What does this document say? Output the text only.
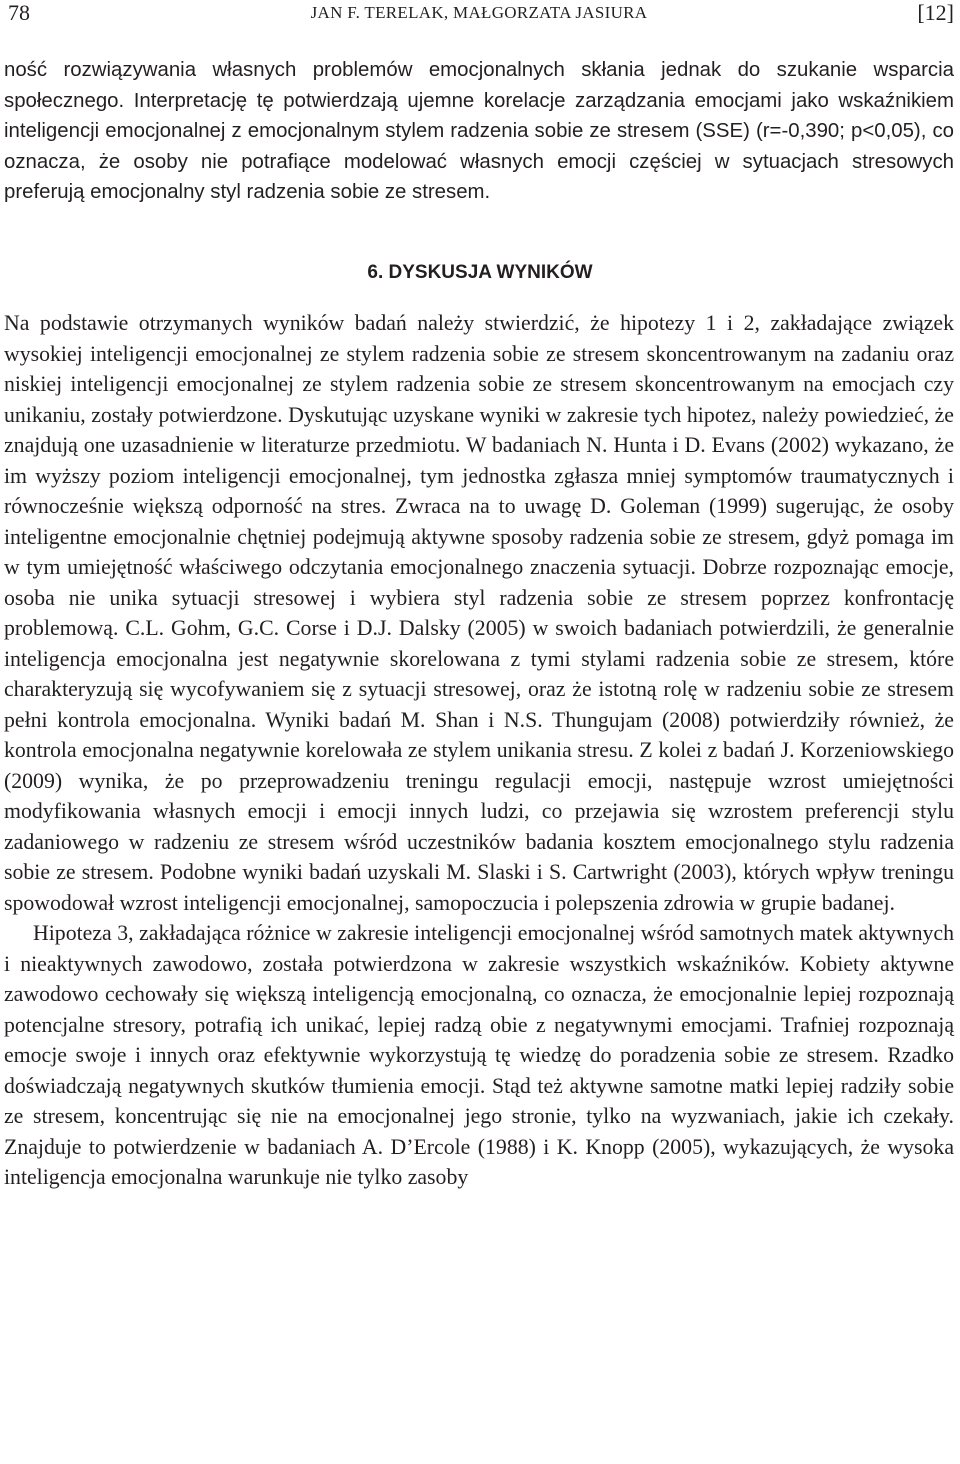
78	JAN F. TERELAK, MAŁGORZATA JASIURA	[12]

ność rozwiązywania własnych problemów emocjonalnych skłania jednak do szukanie wsparcia społecznego. Interpretację tę potwierdzają ujemne korelacje zarządzania emocjami jako wskaźnikiem inteligencji emocjonalnej z emocjonalnym stylem radzenia sobie ze stresem (SSE) (r=-0,390; p<0,05), co oznacza, że osoby nie potrafiące modelować własnych emocji częściej w sytuacjach stresowych preferują emocjonalny styl radzenia sobie ze stresem.

6. DYSKUSJA WYNIKÓW

Na podstawie otrzymanych wyników badań należy stwierdzić, że hipotezy 1 i 2, zakładające związek wysokiej inteligencji emocjonalnej ze stylem radzenia sobie ze stresem skoncentrowanym na zadaniu oraz niskiej inteligencji emocjonalnej ze stylem radzenia sobie ze stresem skoncentrowanym na emocjach czy unikaniu, zostały potwierdzone. Dyskutując uzyskane wyniki w zakresie tych hipotez, należy powiedzieć, że znajdują one uzasadnienie w literaturze przedmiotu. W badaniach N. Hunta i D. Evans (2002) wykazano, że im wyższy poziom inteligencji emocjonalnej, tym jednostka zgłasza mniej symptomów traumatycznych i równocześnie większą odporność na stres. Zwraca na to uwagę D. Goleman (1999) sugerując, że osoby inteligentne emocjonalnie chętniej podejmują aktywne sposoby radzenia sobie ze stresem, gdyż pomaga im w tym umiejętność właściwego odczytania emocjonalnego znaczenia sytuacji. Dobrze rozpoznając emocje, osoba nie unika sytuacji stresowej i wybiera styl radzenia sobie ze stresem poprzez konfrontację problemową. C.L. Gohm, G.C. Corse i D.J. Dalsky (2005) w swoich badaniach potwierdzili, że generalnie inteligencja emocjonalna jest negatywnie skorelowana z tymi stylami radzenia sobie ze stresem, które charakteryzują się wycofywaniem się z sytuacji stresowej, oraz że istotną rolę w radzeniu sobie ze stresem pełni kontrola emocjonalna. Wyniki badań M. Shan i N.S. Thungujam (2008) potwierdziły również, że kontrola emocjonalna negatywnie korelowała ze stylem unikania stresu. Z kolei z badań J. Korzeniowskiego (2009) wynika, że po przeprowadzeniu treningu regulacji emocji, następuje wzrost umiejętności modyfikowania własnych emocji i emocji innych ludzi, co przejawia się wzrostem preferencji stylu zadaniowego w radzeniu ze stresem wśród uczestników badania kosztem emocjonalnego stylu radzenia sobie ze stresem. Podobne wyniki badań uzyskali M. Slaski i S. Cartwright (2003), których wpływ treningu spowodował wzrost inteligencji emocjonalnej, samopoczucia i polepszenia zdrowia w grupie badanej.

Hipoteza 3, zakładająca różnice w zakresie inteligencji emocjonalnej wśród samotnych matek aktywnych i nieaktywnych zawodowo, została potwierdzona w zakresie wszystkich wskaźników. Kobiety aktywne zawodowo cechowały się większą inteligencją emocjonalną, co oznacza, że emocjonalnie lepiej rozpoznają potencjalne stresory, potrafią ich unikać, lepiej radzą obie z negatywnymi emocjami. Trafniej rozpoznają emocje swoje i innych oraz efektywnie wykorzystują tę wiedzę do poradzenia sobie ze stresem. Rzadko doświadczają negatywnych skutków tłumienia emocji. Stąd też aktywne samotne matki lepiej radziły sobie ze stresem, koncentrując się nie na emocjonalnej jego stronie, tylko na wyzwaniach, jakie ich czekały. Znajduje to potwierdzenie w badaniach A. D’Ercole (1988) i K. Knopp (2005), wykazujących, że wysoka inteligencja emocjonalna warunkuje nie tylko zasoby
